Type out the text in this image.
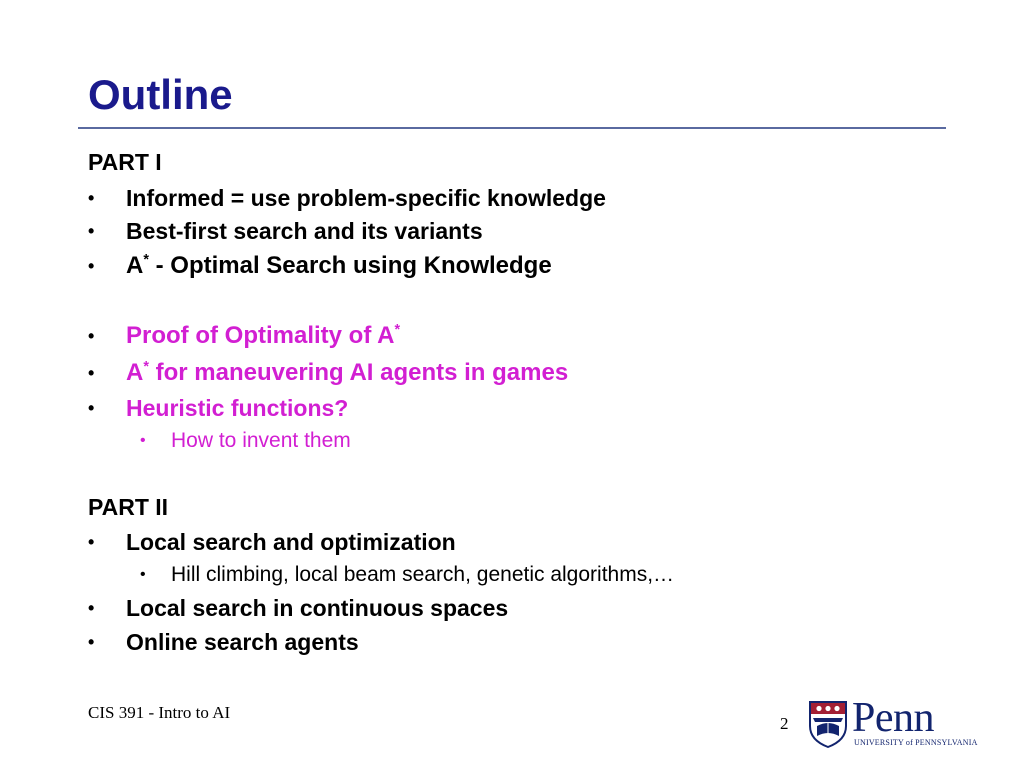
Outline
PART I
•	Informed = use problem-specific knowledge
•	Best-first search and its variants
•	A* - Optimal Search using Knowledge
•	Proof of Optimality of A*
•	A* for maneuvering AI agents in games
•	Heuristic functions?
• How to invent them
PART II
•	Local search and optimization
• Hill climbing, local beam search, genetic algorithms,…
•	Local search in continuous spaces
•	Online search agents
CIS 391 - Intro to AI
2 Penn
UNIVERSITY of PENNSYLVANIA
